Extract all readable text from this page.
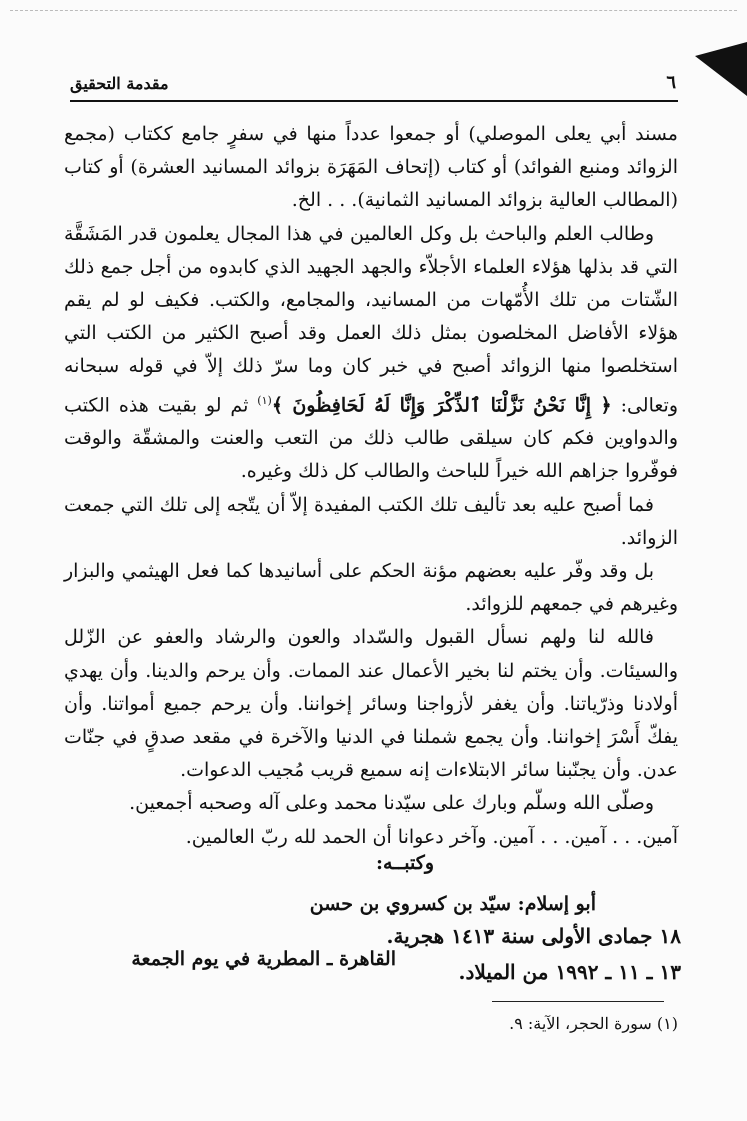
٦
مقدمة التحقيق

مسند أبي يعلى الموصلي) أو جمعوا عدداً منها في سفرٍ جامع ككتاب (مجمع الزوائد ومنبع الفوائد) أو كتاب (إتحاف المَهَرَة بزوائد المسانيد العشرة) أو كتاب (المطالب العالية بزوائد المسانيد الثمانية). . . الخ.

وطالب العلم والباحث بل وكل العالمين في هذا المجال يعلمون قدر المَشَقَّة التي قد بذلها هؤلاء العلماء الأجلاّء والجهد الجهيد الذي كابدوه من أجل جمع ذلك الشّتات من تلك الأُمّهات من المسانيد، والمجامع، والكتب. فكيف لو لم يقم هؤلاء الأفاضل المخلصون بمثل ذلك العمل وقد أصبح الكثير من الكتب التي استخلصوا منها الزوائد أصبح في خبر كان وما سرّ ذلك إلاّ في قوله سبحانه وتعالى: ﴿ إِنَّا نَحْنُ نَزَّلْنَا ٱلذِّكْرَ وَإِنَّا لَهُ لَحَافِظُونَ ﴾$^{(١)}$ ثم لو بقيت هذه الكتب والدواوين فكم كان سيلقى طالب ذلك من التعب والعنت والمشقّة والوقت فوفّروا جزاهم الله خيراً للباحث والطالب كل ذلك وغيره.

فما أصبح عليه بعد تأليف تلك الكتب المفيدة إلاّ أن يتّجه إلى تلك التي جمعت الزوائد.

بل وقد وفّر عليه بعضهم مؤنة الحكم على أسانيدها كما فعل الهيثمي والبزار وغيرهم في جمعهم للزوائد.

فالله لنا ولهم نسأل القبول والسّداد والعون والرشاد والعفو عن الزّلل والسيئات. وأن يختم لنا بخير الأعمال عند الممات. وأن يرحم والدينا. وأن يهدي أولادنا وذرّياتنا. وأن يغفر لأزواجنا وسائر إخواننا. وأن يرحم جميع أمواتنا. وأن يفكّ أَسْرَ إخواننا. وأن يجمع شملنا في الدنيا والآخرة في مقعد صدقٍ في جنّات عدن. وأن يجنّبنا سائر الابتلاءات إنه سميع قريب مُجيب الدعوات.

وصلّى الله وسلّم وبارك على سيّدنا محمد وعلى آله وصحبه أجمعين.

آمين. . . آمين. . . آمين. وآخر دعوانا أن الحمد لله ربّ العالمين.

وكتبــه:
أبو إسلام: سيّد بن كسروي بن حسن
١٨ جمادى الأولى سنة ١٤١٣ هجرية.
القاهرة ـ المطرية في يوم الجمعة
١٣ ـ ١١ ـ ١٩٩٢ من الميلاد.
(١) سورة الحجر، الآية: ٩.
